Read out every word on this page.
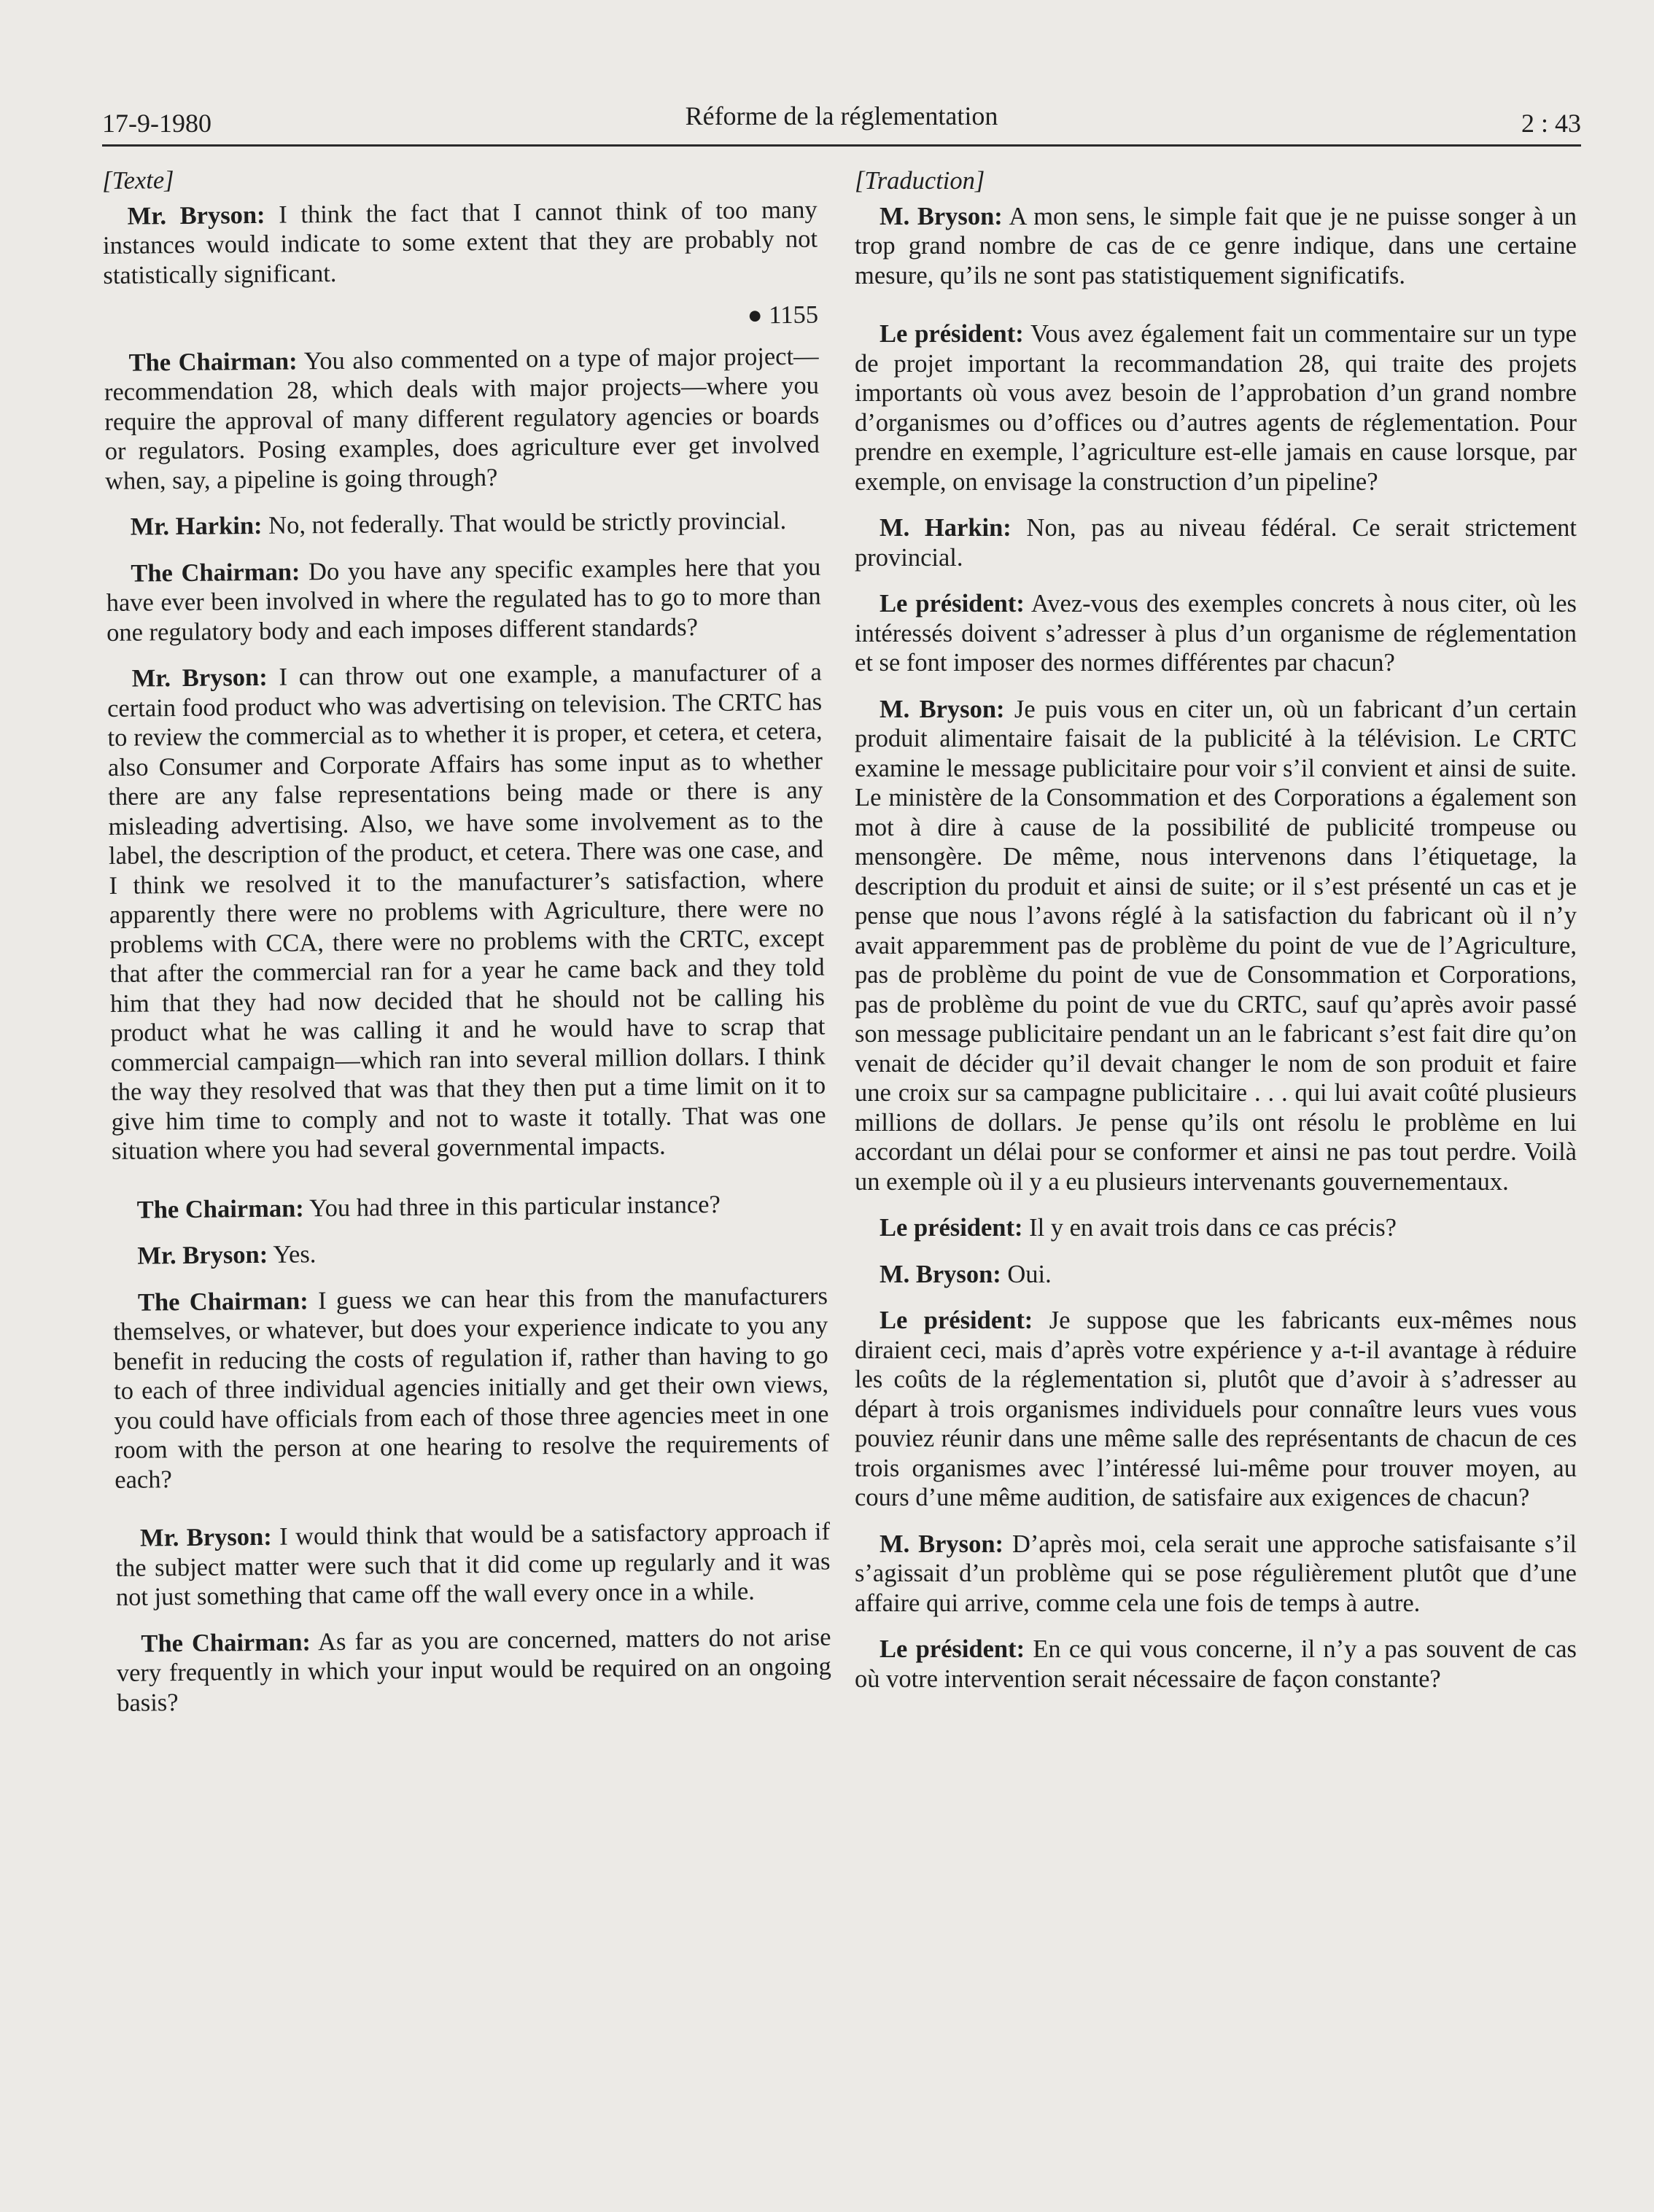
17-9-1980	Réforme de la réglementation	2 : 43

[Texte]

Mr. Bryson: I think the fact that I cannot think of too many instances would indicate to some extent that they are probably not statistically significant.

● 1155

The Chairman: You also commented on a type of major project—recommendation 28, which deals with major projects—where you require the approval of many different regulatory agencies or boards or regulators. Posing examples, does agriculture ever get involved when, say, a pipeline is going through?

Mr. Harkin: No, not federally. That would be strictly provincial.

The Chairman: Do you have any specific examples here that you have ever been involved in where the regulated has to go to more than one regulatory body and each imposes different standards?

Mr. Bryson: I can throw out one example, a manufacturer of a certain food product who was advertising on television. The CRTC has to review the commercial as to whether it is proper, et cetera, et cetera, also Consumer and Corporate Affairs has some input as to whether there are any false representations being made or there is any misleading advertising. Also, we have some involvement as to the label, the description of the product, et cetera. There was one case, and I think we resolved it to the manufacturer’s satisfaction, where apparently there were no problems with Agriculture, there were no problems with CCA, there were no problems with the CRTC, except that after the commercial ran for a year he came back and they told him that they had now decided that he should not be calling his product what he was calling it and he would have to scrap that commercial campaign—which ran into several million dollars. I think the way they resolved that was that they then put a time limit on it to give him time to comply and not to waste it totally. That was one situation where you had several governmental impacts.

The Chairman: You had three in this particular instance?

Mr. Bryson: Yes.

The Chairman: I guess we can hear this from the manufacturers themselves, or whatever, but does your experience indicate to you any benefit in reducing the costs of regulation if, rather than having to go to each of three individual agencies initially and get their own views, you could have officials from each of those three agencies meet in one room with the person at one hearing to resolve the requirements of each?

Mr. Bryson: I would think that would be a satisfactory approach if the subject matter were such that it did come up regularly and it was not just something that came off the wall every once in a while.

The Chairman: As far as you are concerned, matters do not arise very frequently in which your input would be required on an ongoing basis?

[Traduction]

M. Bryson: A mon sens, le simple fait que je ne puisse songer à un trop grand nombre de cas de ce genre indique, dans une certaine mesure, qu’ils ne sont pas statistiquement significatifs.

Le président: Vous avez également fait un commentaire sur un type de projet important la recommandation 28, qui traite des projets importants où vous avez besoin de l’approbation d’un grand nombre d’organismes ou d’offices ou d’autres agents de réglementation. Pour prendre en exemple, l’agriculture est-elle jamais en cause lorsque, par exemple, on envisage la construction d’un pipeline?

M. Harkin: Non, pas au niveau fédéral. Ce serait strictement provincial.

Le président: Avez-vous des exemples concrets à nous citer, où les intéressés doivent s’adresser à plus d’un organisme de réglementation et se font imposer des normes différentes par chacun?

M. Bryson: Je puis vous en citer un, où un fabricant d’un certain produit alimentaire faisait de la publicité à la télévision. Le CRTC examine le message publicitaire pour voir s’il convient et ainsi de suite. Le ministère de la Consommation et des Corporations a également son mot à dire à cause de la possibilité de publicité trompeuse ou mensongère. De même, nous intervenons dans l’étiquetage, la description du produit et ainsi de suite; or il s’est présenté un cas et je pense que nous l’avons réglé à la satisfaction du fabricant où il n’y avait apparemment pas de problème du point de vue de l’Agriculture, pas de problème du point de vue de Consommation et Corporations, pas de problème du point de vue du CRTC, sauf qu’après avoir passé son message publicitaire pendant un an le fabricant s’est fait dire qu’on venait de décider qu’il devait changer le nom de son produit et faire une croix sur sa campagne publicitaire . . . qui lui avait coûté plusieurs millions de dollars. Je pense qu’ils ont résolu le problème en lui accordant un délai pour se conformer et ainsi ne pas tout perdre. Voilà un exemple où il y a eu plusieurs intervenants gouvernementaux.

Le président: Il y en avait trois dans ce cas précis?

M. Bryson: Oui.

Le président: Je suppose que les fabricants eux-mêmes nous diraient ceci, mais d’après votre expérience y a-t-il avantage à réduire les coûts de la réglementation si, plutôt que d’avoir à s’adresser au départ à trois organismes individuels pour connaître leurs vues vous pouviez réunir dans une même salle des représentants de chacun de ces trois organismes avec l’intéressé lui-même pour trouver moyen, au cours d’une même audition, de satisfaire aux exigences de chacun?

M. Bryson: D’après moi, cela serait une approche satisfaisante s’il s’agissait d’un problème qui se pose régulièrement plutôt que d’une affaire qui arrive, comme cela une fois de temps à autre.

Le président: En ce qui vous concerne, il n’y a pas souvent de cas où votre intervention serait nécessaire de façon constante?
